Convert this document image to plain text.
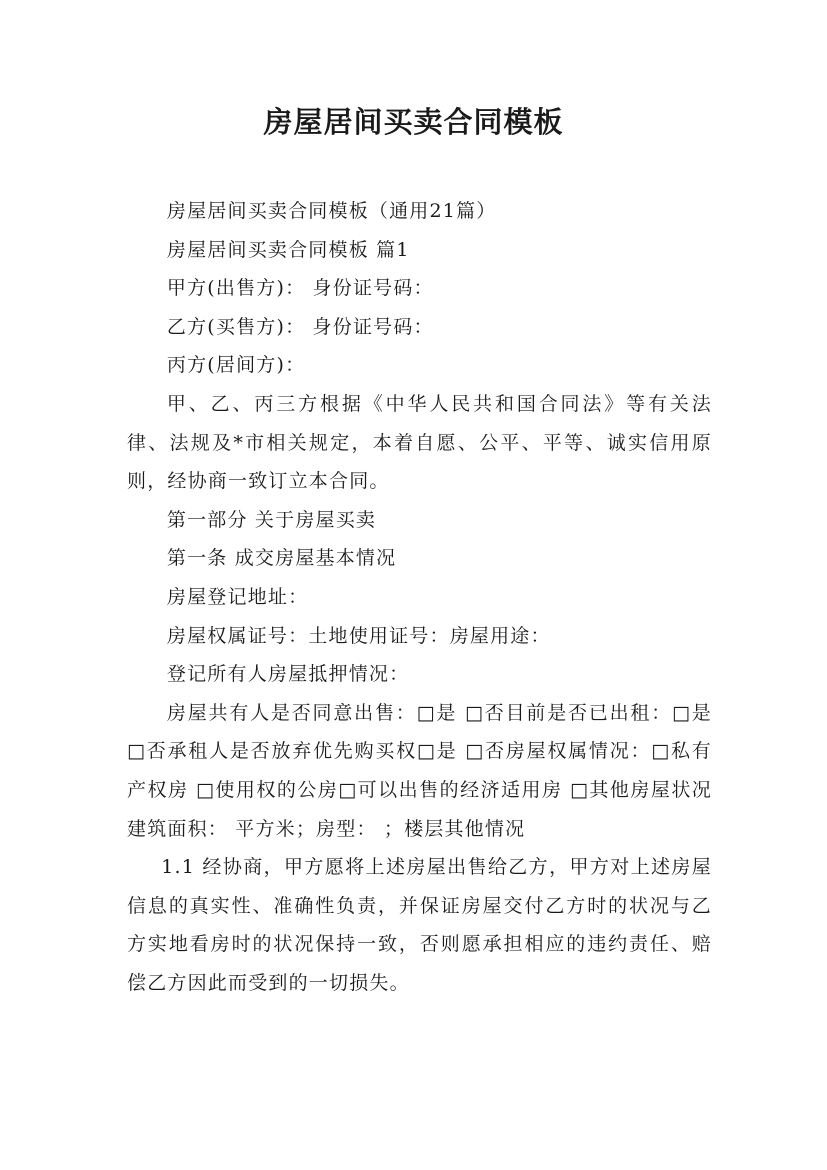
房屋居间买卖合同模板

房屋居间买卖合同模板（通用21篇）

房屋居间买卖合同模板 篇1

甲方(出售方)： 身份证号码：

乙方(买售方)： 身份证号码：

丙方(居间方)：

甲、乙、丙三方根据《中华人民共和国合同法》等有关法律、法规及*市相关规定，本着自愿、公平、平等、诚实信用原则，经协商一致订立本合同。

第一部分 关于房屋买卖

第一条 成交房屋基本情况

房屋登记地址：

房屋权属证号：土地使用证号：房屋用途：

登记所有人房屋抵押情况：

房屋共有人是否同意出售：□是 □否目前是否已出租：□是 □否承租人是否放弃优先购买权□是 □否房屋权属情况：□私有产权房 □使用权的公房□可以出售的经济适用房 □其他房屋状况建筑面积： 平方米；房型： ；楼层其他情况

1.1 经协商，甲方愿将上述房屋出售给乙方，甲方对上述房屋信息的真实性、准确性负责，并保证房屋交付乙方时的状况与乙方实地看房时的状况保持一致，否则愿承担相应的违约责任、赔偿乙方因此而受到的一切损失。
